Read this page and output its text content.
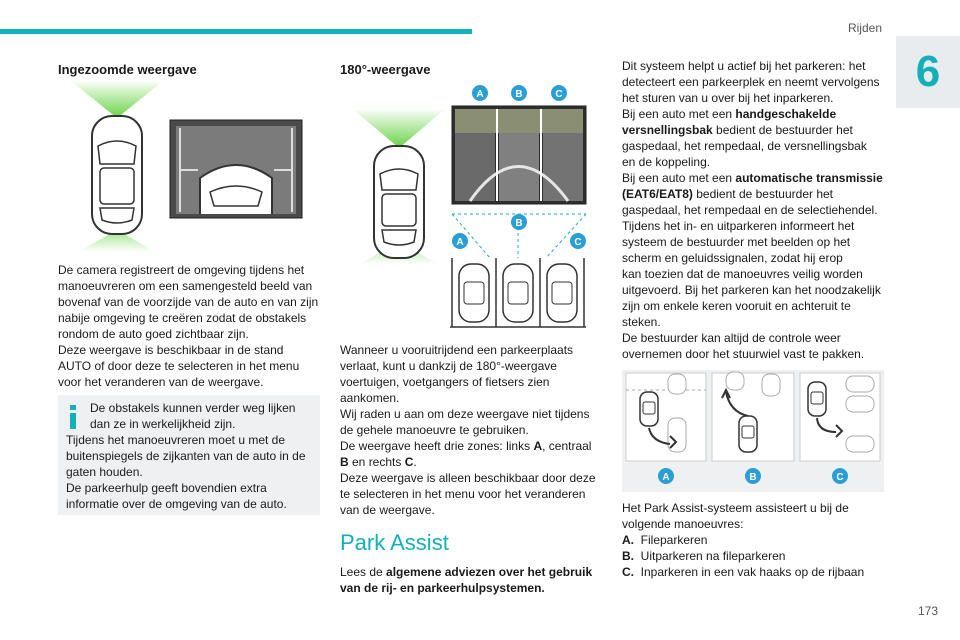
Rijden
6
173
Ingezoomde weergave

De camera registreert de omgeving tijdens het

manoeuvreren om een samengesteld beeld van

bovenaf van de voorzijde van de auto en van zijn

nabije omgeving te creëren zodat de obstakels

rondom de auto goed zichtbaar zijn.

Deze weergave is beschikbaar in de stand

AUTO of door deze te selecteren in het menu

voor het veranderen van de weergave.

De obstakels kunnen verder weg lijken

dan ze in werkelijkheid zijn.

Tijdens het manoeuvreren moet u met de

buitenspiegels de zijkanten van de auto in de

gaten houden.

De parkeerhulp geeft bovendien extra

informatie over de omgeving van de auto.

180°-weergave
A	B	C
B
A	C

Wanneer u vooruitrijdend een parkeerplaats

verlaat, kunt u dankzij de 180°-weergave

voertuigen, voetgangers of fietsers zien

aankomen.

Wij raden u aan om deze weergave niet tijdens

de gehele manoeuvre te gebruiken.

De weergave heeft drie zones: links A, centraal

B en rechts C.

Deze weergave is alleen beschikbaar door deze

te selecteren in het menu voor het veranderen

van de weergave.

Park Assist

Lees de algemene adviezen over het gebruik

van de rij- en parkeerhulpsystemen.

Dit systeem helpt u actief bij het parkeren: het

detecteert een parkeerplek en neemt vervolgens

het sturen van u over bij het inparkeren.

Bij een auto met een handgeschakelde

versnellingsbak bedient de bestuurder het

gaspedaal, het rempedaal, de versnellingsbak

en de koppeling.

Bij een auto met een automatische transmissie

(EAT6/EAT8) bedient de bestuurder het

gaspedaal, het rempedaal en de selectiehendel.

Tijdens het in- en uitparkeren informeert het

systeem de bestuurder met beelden op het

scherm en geluidssignalen, zodat hij erop

kan toezien dat de manoeuvres veilig worden

uitgevoerd. Bij het parkeren kan het noodzakelijk

zijn om enkele keren vooruit en achteruit te

steken.

De bestuurder kan altijd de controle weer

overnemen door het stuurwiel vast te pakken.

A	B	C

Het Park Assist-systeem assisteert u bij de

volgende manoeuvres:

A. Fileparkeren

B. Uitparkeren na fileparkeren

C. Inparkeren in een vak haaks op de rijbaan
